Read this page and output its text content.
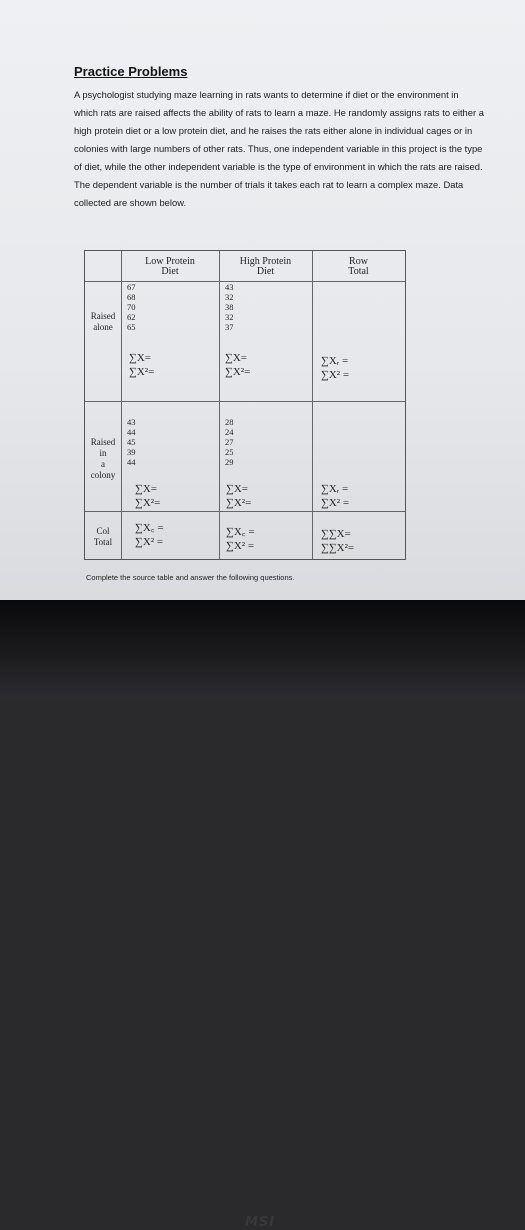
Practice Problems

A psychologist studying maze learning in rats wants to determine if diet or the environment in which rats are raised affects the ability of rats to learn a maze. He randomly assigns rats to either a high protein diet or a low protein diet, and he raises the rats either alone in individual cages or in colonies with large numbers of other rats. Thus, one independent variable in this project is the type of diet, while the other independent variable is the type of environment in which the rats are raised. The dependent variable is the number of trials it takes each rat to learn a complex maze. Data collected are shown below.

Low Protein
Diet
High Protein
Diet
Row
Total
Raised
alone
67
68
70
62
65
43
32
38
32
37
∑X=
∑X²=
∑X=
∑X²=
∑Xᵣ =
∑X² =
Raised
in
a
colony
43
44
45
39
44
28
24
27
25
29
∑X=
∑X²=
∑X=
∑X²=
∑Xᵣ =
∑X² =
Col
Total
∑X꜀ =
∑X² =
∑X꜀ =
∑X² =
∑∑X=
∑∑X²=

Complete the source table and answer the following questions.

MSI
